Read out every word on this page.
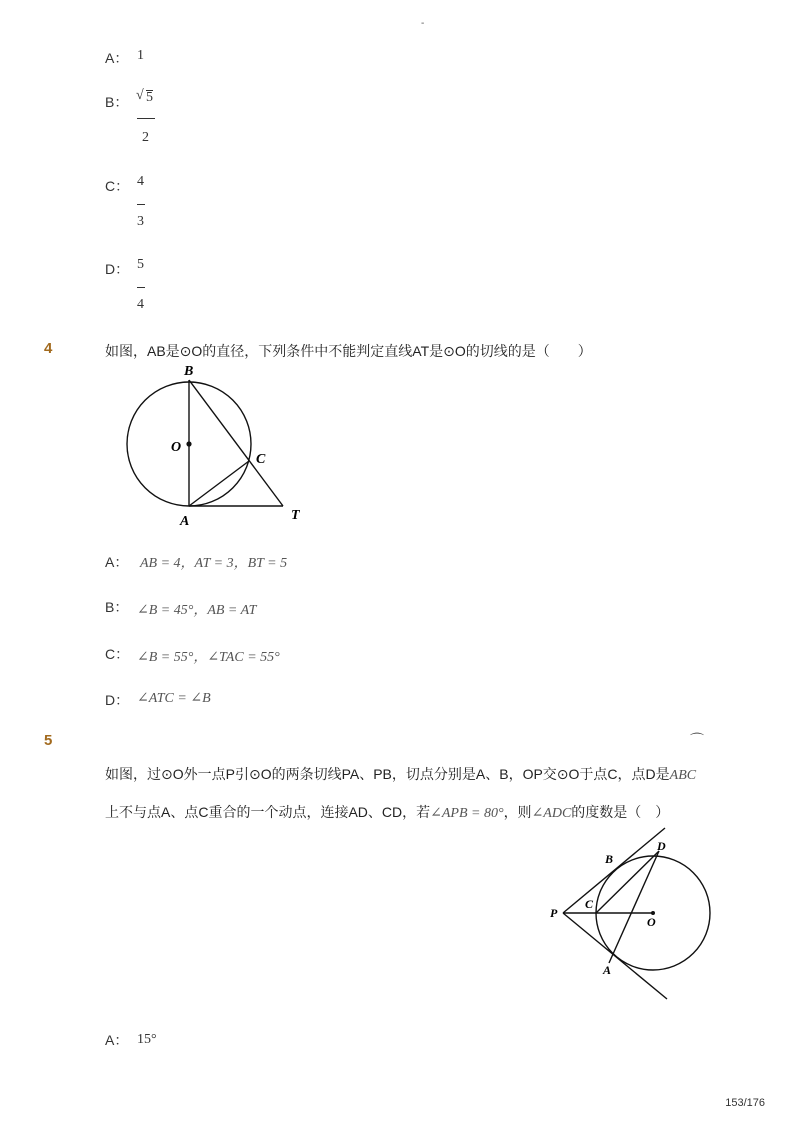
-
A： 1
B： √ 5
2
C： 4
3
D： 5
4
4	如图，AB是⊙O的直径，下列条件中不能判定直线AT是⊙O的切线的是（　　）
B
O
C
A	T
A： AB = 4，AT = 3，BT = 5
B： ∠B = 45°，AB = AT
C： ∠B = 55°，∠TAC = 55°
D： ∠ATC = ∠B
5	⌒
如图，过⊙O外一点P引⊙O的两条切线PA、PB，切点分别是A、B，OP交⊙O于点C，点D是ABC
上不与点A、点C重合的一个动点，连接AD、CD，若∠APB = 80°，则∠ADC的度数是（　）
B
D
P
C
O
A
A： 15°
153/176
